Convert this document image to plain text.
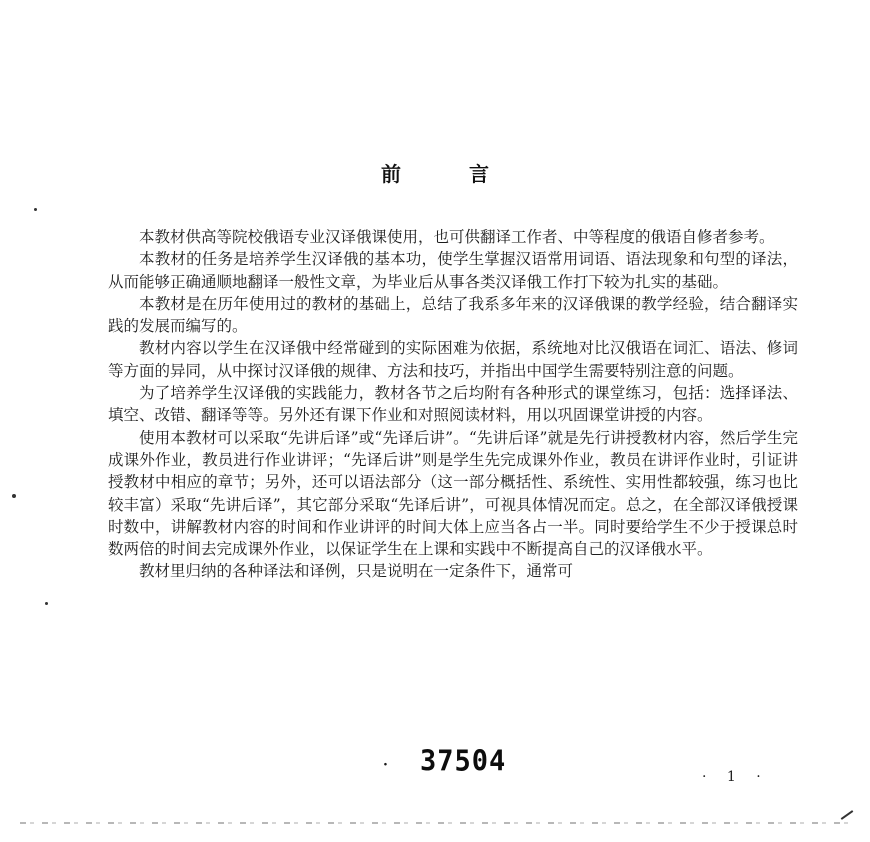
前言

本教材供高等院校俄语专业汉译俄课使用，也可供翻译工作者、中等程度的俄语自修者参考。

本教材的任务是培养学生汉译俄的基本功，使学生掌握汉语常用词语、语法现象和句型的译法，从而能够正确通顺地翻译一般性文章，为毕业后从事各类汉译俄工作打下较为扎实的基础。

本教材是在历年使用过的教材的基础上，总结了我系多年来的汉译俄课的教学经验，结合翻译实践的发展而编写的。

教材内容以学生在汉译俄中经常碰到的实际困难为依据，系统地对比汉俄语在词汇、语法、修词等方面的异同，从中探讨汉译俄的规律、方法和技巧，并指出中国学生需要特别注意的问题。

为了培养学生汉译俄的实践能力，教材各节之后均附有各种形式的课堂练习，包括：选择译法、填空、改错、翻译等等。另外还有课下作业和对照阅读材料，用以巩固课堂讲授的内容。

使用本教材可以采取“先讲后译”或“先译后讲”。“先讲后译”就是先行讲授教材内容，然后学生完成课外作业，教员进行作业讲评；“先译后讲”则是学生先完成课外作业，教员在讲评作业时，引证讲授教材中相应的章节；另外，还可以语法部分（这一部分概括性、系统性、实用性都较强，练习也比较丰富）采取“先讲后译”，其它部分采取“先译后讲”，可视具体情况而定。总之，在全部汉译俄授课时数中，讲解教材内容的时间和作业讲评的时间大体上应当各占一半。同时要给学生不少于授课总时数两倍的时间去完成课外作业，以保证学生在上课和实践中不断提高自己的汉译俄水平。

教材里归纳的各种译法和译例，只是说明在一定条件下，通常可

· 37504	· 1 ·
